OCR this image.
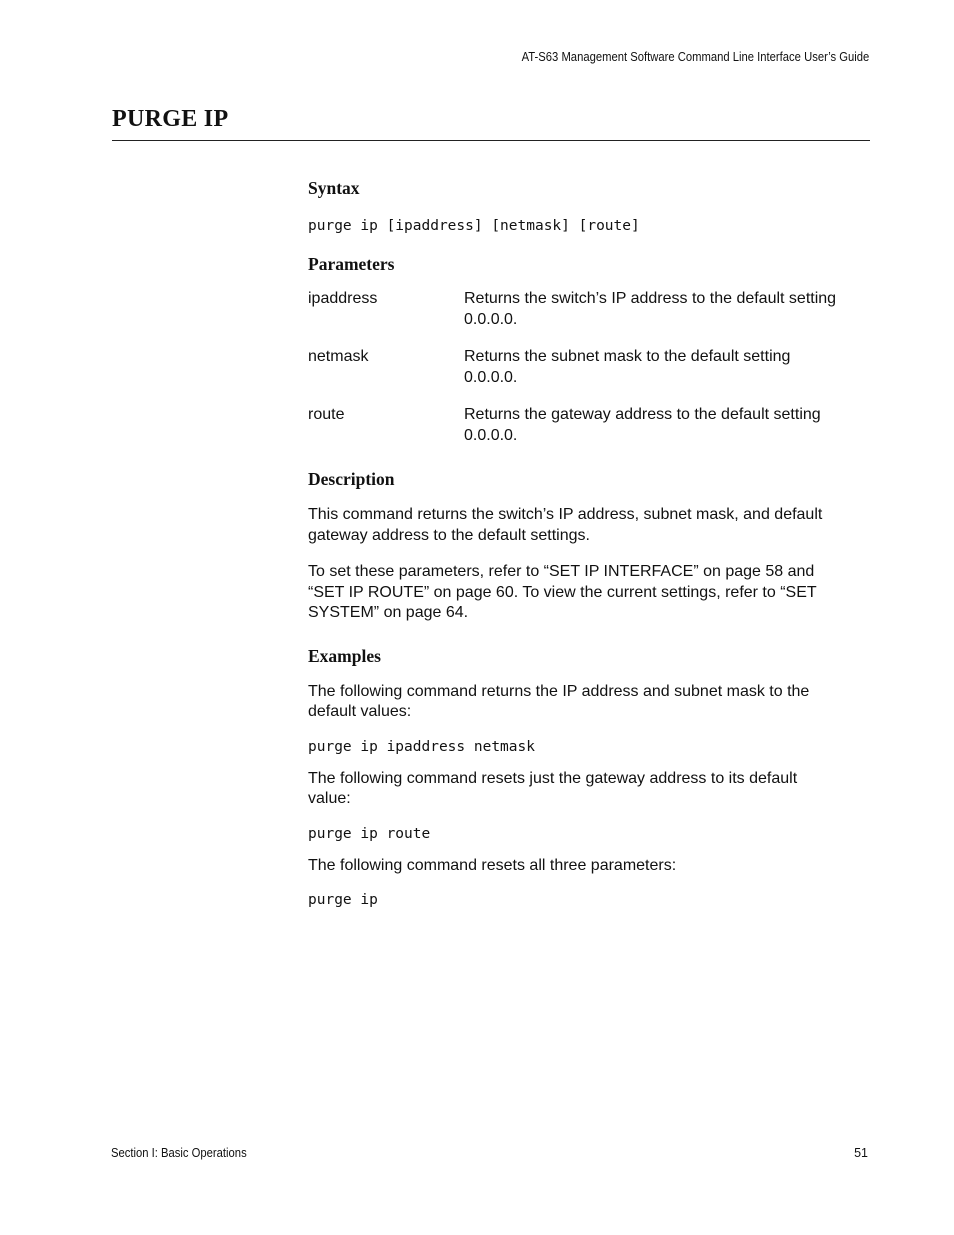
AT-S63 Management Software Command Line Interface User’s Guide
PURGE IP
Syntax

purge ip [ipaddress] [netmask] [route]

Parameters
ipaddress	Returns the switch’s IP address to the default setting
0.0.0.0.
netmask	Returns the subnet mask to the default setting
0.0.0.0.
route	Returns the gateway address to the default setting
0.0.0.0.
Description

This command returns the switch’s IP address, subnet mask, and default
gateway address to the default settings.

To set these parameters, refer to “SET IP INTERFACE” on page 58 and
“SET IP ROUTE” on page 60. To view the current settings, refer to “SET
SYSTEM” on page 64.

Examples

The following command returns the IP address and subnet mask to the
default values:

purge ip ipaddress netmask

The following command resets just the gateway address to its default
value:

purge ip route

The following command resets all three parameters:

purge ip

Section I: Basic Operations	51
